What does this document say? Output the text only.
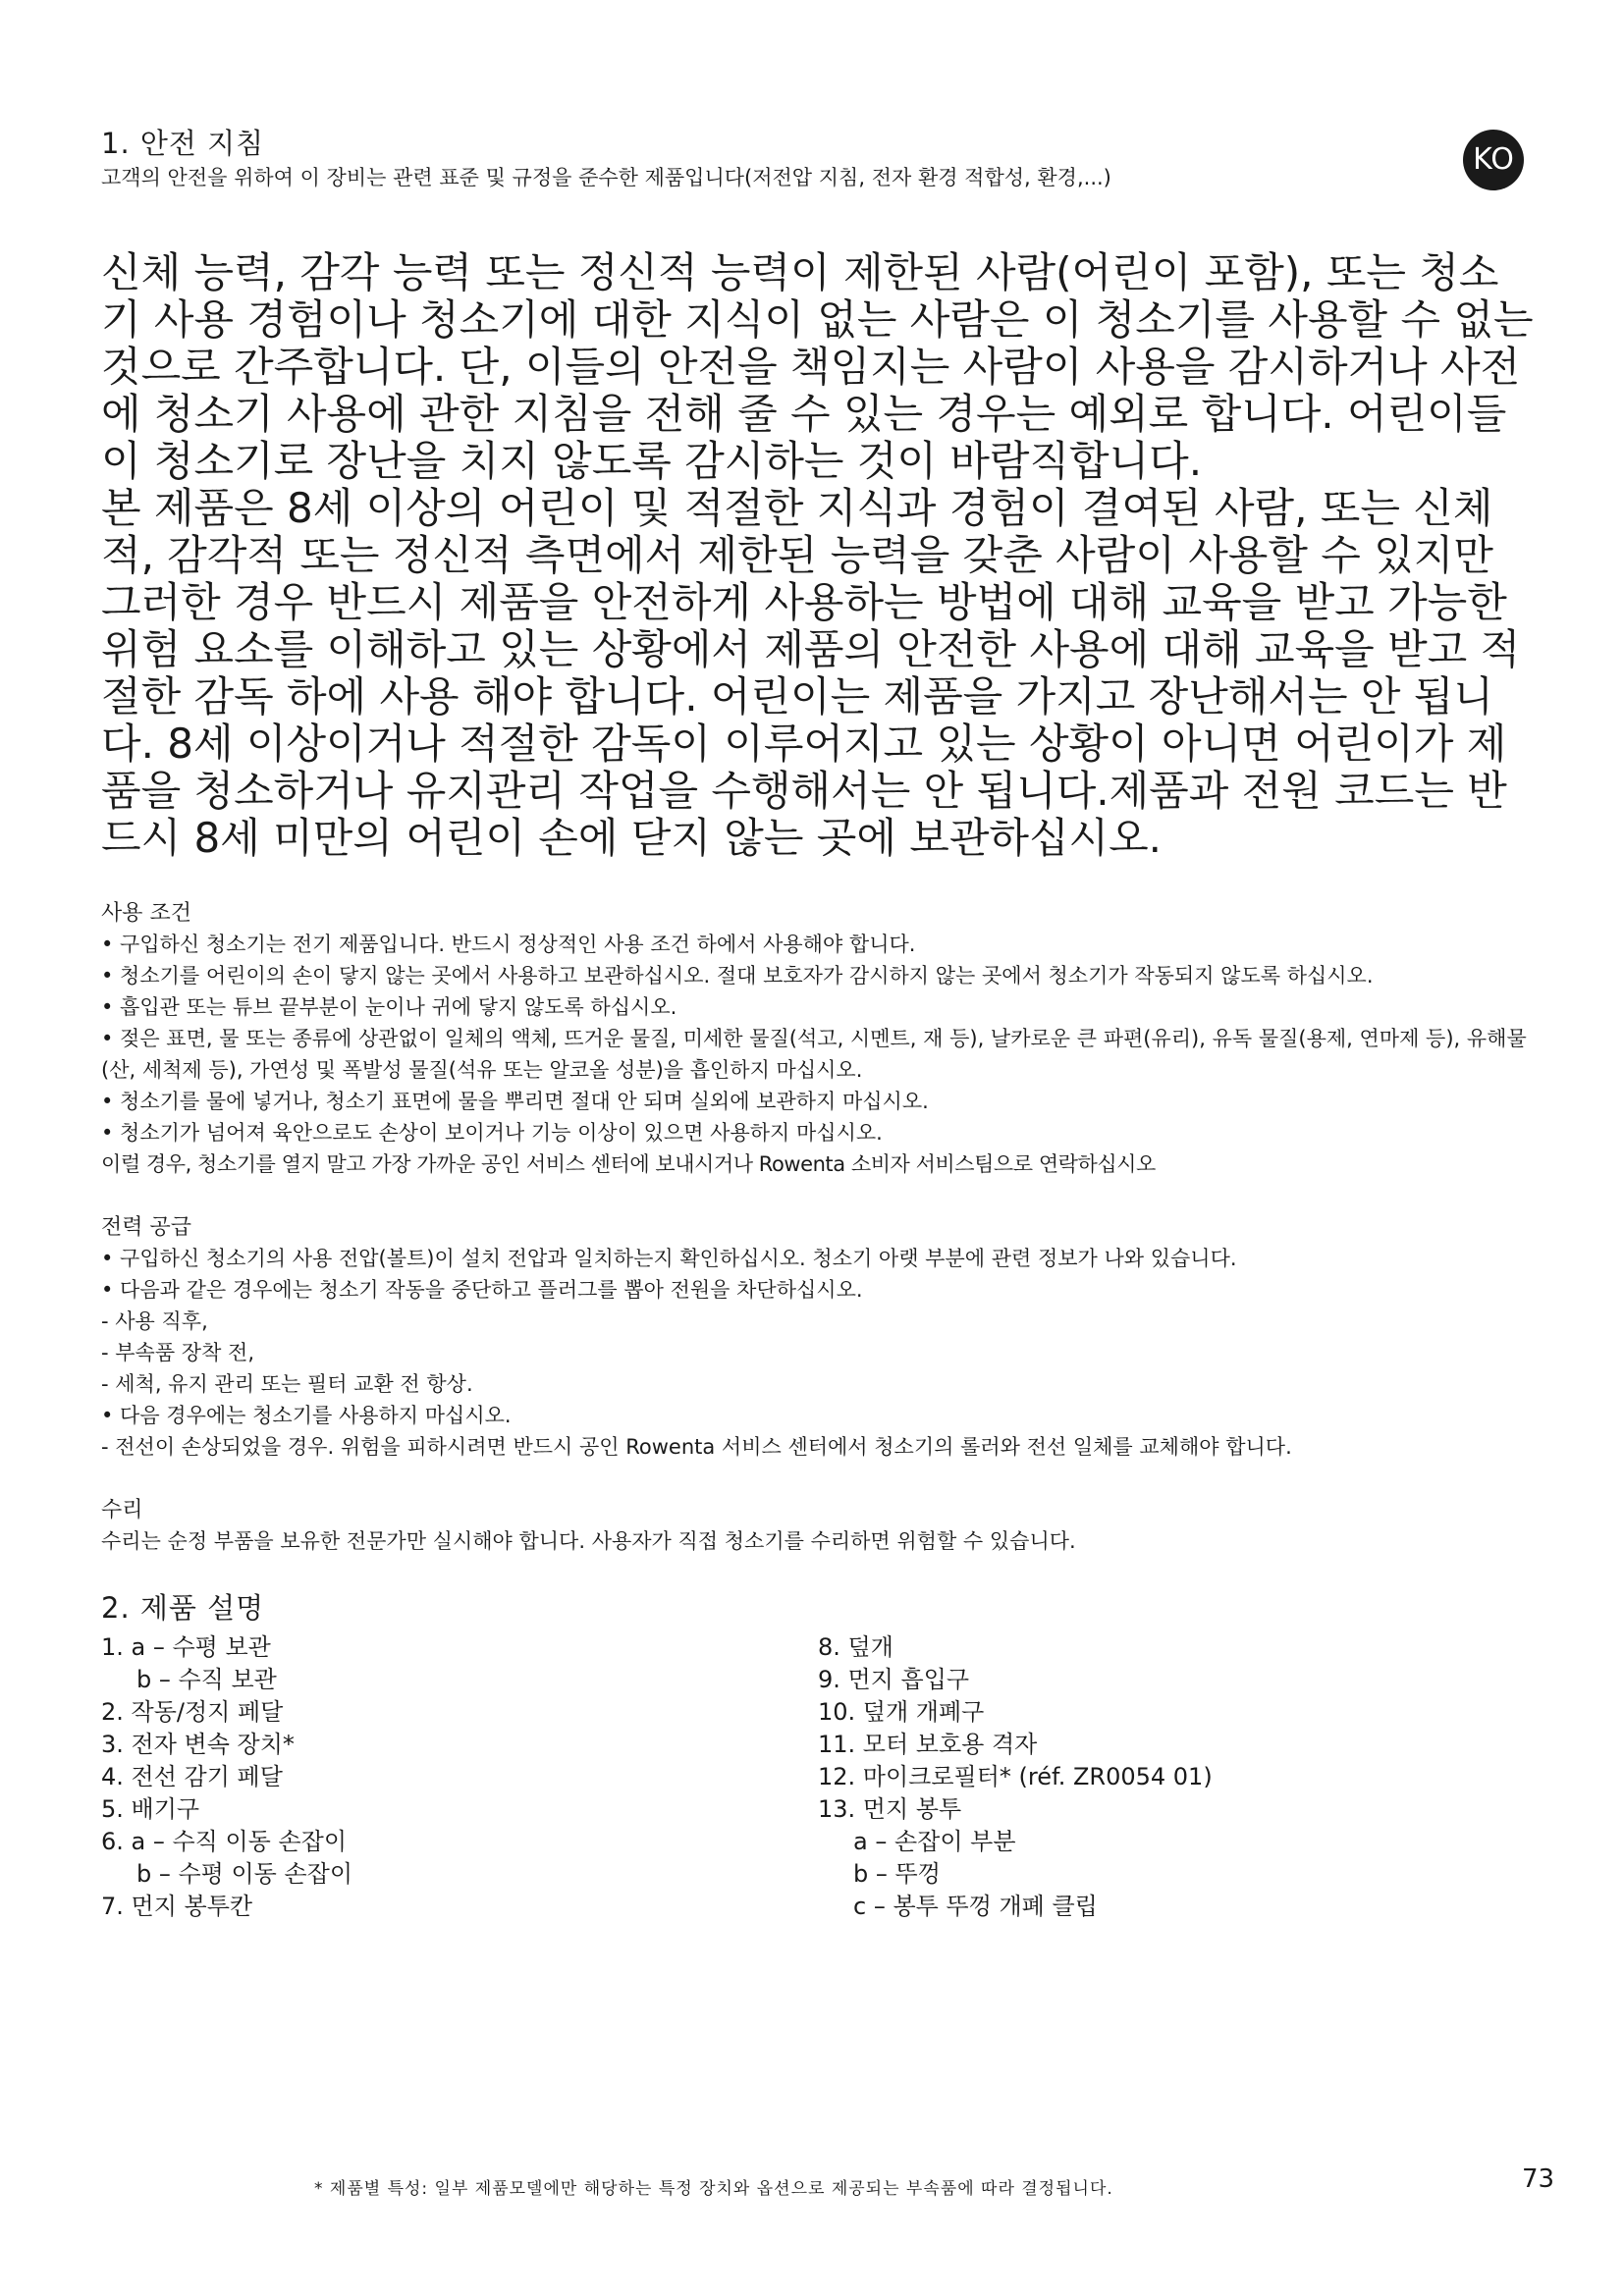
KO
1. 안전 지침

고객의 안전을 위하여 이 장비는 관련 표준 및 규정을 준수한 제품입니다(저전압 지침, 전자 환경 적합성, 환경,...)

신체 능력, 감각 능력 또는 정신적 능력이 제한된 사람(어린이 포함), 또는 청소기 사용 경험이나 청소기에 대한 지식이 없는 사람은 이 청소기를 사용할 수 없는 것으로 간주합니다. 단, 이들의 안전을 책임지는 사람이 사용을 감시하거나 사전에 청소기 사용에 관한 지침을 전해 줄 수 있는 경우는 예외로 합니다. 어린이들이 청소기로 장난을 치지 않도록 감시하는 것이 바람직합니다.

본 제품은 8세 이상의 어린이 및 적절한 지식과 경험이 결여된 사람, 또는 신체적, 감각적 또는 정신적 측면에서 제한된 능력을 갖춘 사람이 사용할 수 있지만 그러한 경우 반드시 제품을 안전하게 사용하는 방법에 대해 교육을 받고 가능한 위험 요소를 이해하고 있는 상황에서 제품의 안전한 사용에 대해 교육을 받고 적절한 감독 하에 사용 해야 합니다. 어린이는 제품을 가지고 장난해서는 안 됩니다. 8세 이상이거나 적절한 감독이 이루어지고 있는 상황이 아니면 어린이가 제품을 청소하거나 유지관리 작업을 수행해서는 안 됩니다.제품과 전원 코드는 반드시 8세 미만의 어린이 손에 닫지 않는 곳에 보관하십시오.

사용 조건

• 구입하신 청소기는 전기 제품입니다. 반드시 정상적인 사용 조건 하에서 사용해야 합니다.

• 청소기를 어린이의 손이 닿지 않는 곳에서 사용하고 보관하십시오. 절대 보호자가 감시하지 않는 곳에서 청소기가 작동되지 않도록 하십시오.

• 흡입관 또는 튜브 끝부분이 눈이나 귀에 닿지 않도록 하십시오.

• 젖은 표면, 물 또는 종류에 상관없이 일체의 액체, 뜨거운 물질, 미세한 물질(석고, 시멘트, 재 등), 날카로운 큰 파편(유리), 유독 물질(용제, 연마제 등), 유해물(산, 세척제 등), 가연성 및 폭발성 물질(석유 또는 알코올 성분)을 흡인하지 마십시오.

• 청소기를 물에 넣거나, 청소기 표면에 물을 뿌리면 절대 안 되며 실외에 보관하지 마십시오.

• 청소기가 넘어져 육안으로도 손상이 보이거나 기능 이상이 있으면 사용하지 마십시오.

이럴 경우, 청소기를 열지 말고 가장 가까운 공인 서비스 센터에 보내시거나 Rowenta 소비자 서비스팀으로 연락하십시오

전력 공급

• 구입하신 청소기의 사용 전압(볼트)이 설치 전압과 일치하는지 확인하십시오. 청소기 아랫 부분에 관련 정보가 나와 있습니다.

• 다음과 같은 경우에는 청소기 작동을 중단하고 플러그를 뽑아 전원을 차단하십시오.

- 사용 직후,

- 부속품 장착 전,

- 세척, 유지 관리 또는 필터 교환 전 항상.

• 다음 경우에는 청소기를 사용하지 마십시오.

- 전선이 손상되었을 경우. 위험을 피하시려면 반드시 공인 Rowenta 서비스 센터에서 청소기의 롤러와 전선 일체를 교체해야 합니다.

수리

수리는 순정 부품을 보유한 전문가만 실시해야 합니다. 사용자가 직접 청소기를 수리하면 위험할 수 있습니다.

2. 제품 설명

1. a – 수평 보관

b – 수직 보관

2. 작동/정지 페달

3. 전자 변속 장치*

4. 전선 감기 페달

5. 배기구

6. a – 수직 이동 손잡이

b – 수평 이동 손잡이

7. 먼지 봉투칸

8. 덮개

9. 먼지 흡입구

10. 덮개 개폐구

11. 모터 보호용 격자

12. 마이크로필터* (réf. ZR0054 01)

13. 먼지 봉투

a – 손잡이 부분

b – 뚜껑

c – 봉투 뚜껑 개폐 클립

* 제품별 특성: 일부 제품모델에만 해당하는 특정 장치와 옵션으로 제공되는 부속품에 따라 결정됩니다.	73
